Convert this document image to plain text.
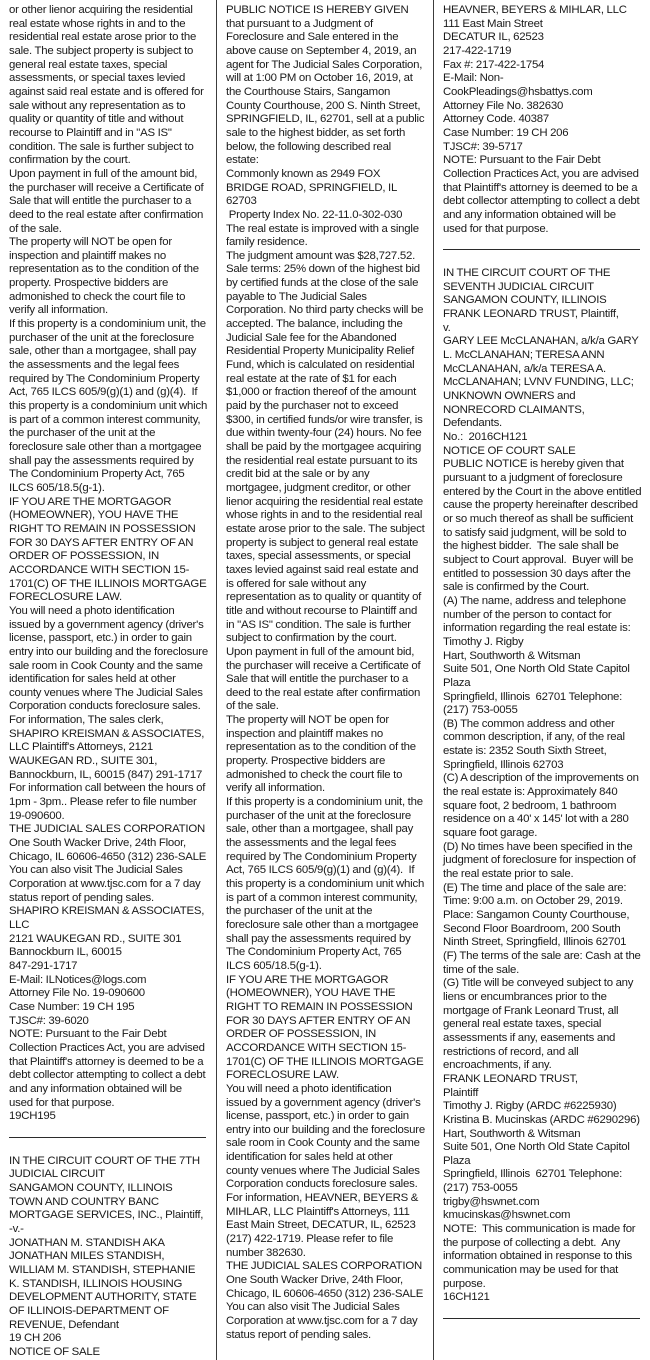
or other lienor acquiring the residential real estate whose rights in and to the residential real estate arose prior to the sale. The subject property is subject to general real estate taxes, special assessments, or special taxes levied against said real estate and is offered for sale without any representation as to quality or quantity of title and without recourse to Plaintiff and in "AS IS" condition. The sale is further subject to confirmation by the court.
Upon payment in full of the amount bid, the purchaser will receive a Certificate of Sale that will entitle the purchaser to a deed to the real estate after confirmation of the sale.
The property will NOT be open for inspection and plaintiff makes no representation as to the condition of the property. Prospective bidders are admonished to check the court file to verify all information.
If this property is a condominium unit, the purchaser of the unit at the foreclosure sale, other than a mortgagee, shall pay the assessments and the legal fees required by The Condominium Property Act, 765 ILCS 605/9(g)(1) and (g)(4).  If this property is a condominium unit which is part of a common interest community, the purchaser of the unit at the foreclosure sale other than a mortgagee shall pay the assessments required by The Condominium Property Act, 765 ILCS 605/18.5(g-1).
IF YOU ARE THE MORTGAGOR (HOMEOWNER), YOU HAVE THE RIGHT TO REMAIN IN POSSESSION FOR 30 DAYS AFTER ENTRY OF AN ORDER OF POSSESSION, IN ACCORDANCE WITH SECTION 15-1701(C) OF THE ILLINOIS MORTGAGE FORECLOSURE LAW.
You will need a photo identification issued by a government agency (driver's license, passport, etc.) in order to gain entry into our building and the foreclosure sale room in Cook County and the same identification for sales held at other county venues where The Judicial Sales Corporation conducts foreclosure sales.
For information, The sales clerk, SHAPIRO KREISMAN & ASSOCIATES, LLC Plaintiff's Attorneys, 2121 WAUKEGAN RD., SUITE 301, Bannockburn, IL, 60015 (847) 291-1717 For information call between the hours of 1pm - 3pm.. Please refer to file number 19-090600.
THE JUDICIAL SALES CORPORATION
One South Wacker Drive, 24th Floor, Chicago, IL 60606-4650 (312) 236-SALE
You can also visit The Judicial Sales Corporation at www.tjsc.com for a 7 day status report of pending sales.
SHAPIRO KREISMAN & ASSOCIATES, LLC
2121 WAUKEGAN RD., SUITE 301
Bannockburn IL, 60015
847-291-1717
E-Mail: ILNotices@logs.com
Attorney File No. 19-090600
Case Number: 19 CH 195
TJSC#: 39-6020
NOTE: Pursuant to the Fair Debt Collection Practices Act, you are advised that Plaintiff's attorney is deemed to be a debt collector attempting to collect a debt and any information obtained will be used for that purpose.
19CH195
IN THE CIRCUIT COURT OF THE 7TH JUDICIAL CIRCUIT
SANGAMON COUNTY, ILLINOIS
TOWN AND COUNTRY BANC MORTGAGE SERVICES, INC., Plaintiff,
-v.-
JONATHAN M. STANDISH AKA JONATHAN MILES STANDISH, WILLIAM M. STANDISH, STEPHANIE K. STANDISH, ILLINOIS HOUSING DEVELOPMENT AUTHORITY, STATE OF ILLINOIS-DEPARTMENT OF REVENUE, Defendant
19 CH 206
NOTICE OF SALE
PUBLIC NOTICE IS HEREBY GIVEN that pursuant to a Judgment of Foreclosure and Sale entered in the above cause on September 4, 2019, an agent for The Judicial Sales Corporation, will at 1:00 PM on October 16, 2019, at the Courthouse Stairs, Sangamon County Courthouse, 200 S. Ninth Street, SPRINGFIELD, IL, 62701, sell at a public sale to the highest bidder, as set forth below, the following described real estate:
Commonly known as 2949 FOX BRIDGE ROAD, SPRINGFIELD, IL 62703
Property Index No. 22-11.0-302-030
The real estate is improved with a single family residence.
The judgment amount was $28,727.52.
Sale terms: 25% down of the highest bid by certified funds at the close of the sale payable to The Judicial Sales Corporation. No third party checks will be accepted. The balance, including the Judicial Sale fee for the Abandoned Residential Property Municipality Relief Fund, which is calculated on residential real estate at the rate of $1 for each $1,000 or fraction thereof of the amount paid by the purchaser not to exceed $300, in certified funds/or wire transfer, is due within twenty-four (24) hours. No fee shall be paid by the mortgagee acquiring the residential real estate pursuant to its credit bid at the sale or by any mortgagee, judgment creditor, or other lienor acquiring the residential real estate whose rights in and to the residential real estate arose prior to the sale. The subject property is subject to general real estate taxes, special assessments, or special taxes levied against said real estate and is offered for sale without any representation as to quality or quantity of title and without recourse to Plaintiff and in "AS IS" condition. The sale is further subject to confirmation by the court.
Upon payment in full of the amount bid, the purchaser will receive a Certificate of Sale that will entitle the purchaser to a deed to the real estate after confirmation of the sale.
The property will NOT be open for inspection and plaintiff makes no representation as to the condition of the property. Prospective bidders are admonished to check the court file to verify all information.
If this property is a condominium unit, the purchaser of the unit at the foreclosure sale, other than a mortgagee, shall pay the assessments and the legal fees required by The Condominium Property Act, 765 ILCS 605/9(g)(1) and (g)(4).  If this property is a condominium unit which is part of a common interest community, the purchaser of the unit at the foreclosure sale other than a mortgagee shall pay the assessments required by The Condominium Property Act, 765 ILCS 605/18.5(g-1).
IF YOU ARE THE MORTGAGOR (HOMEOWNER), YOU HAVE THE RIGHT TO REMAIN IN POSSESSION FOR 30 DAYS AFTER ENTRY OF AN ORDER OF POSSESSION, IN ACCORDANCE WITH SECTION 15-1701(C) OF THE ILLINOIS MORTGAGE FORECLOSURE LAW.
You will need a photo identification issued by a government agency (driver's license, passport, etc.) in order to gain entry into our building and the foreclosure sale room in Cook County and the same identification for sales held at other county venues where The Judicial Sales Corporation conducts foreclosure sales.
For information, HEAVNER, BEYERS & MIHLAR, LLC Plaintiff's Attorneys, 111 East Main Street, DECATUR, IL, 62523 (217) 422-1719. Please refer to file number 382630.
THE JUDICIAL SALES CORPORATION
One South Wacker Drive, 24th Floor, Chicago, IL 60606-4650 (312) 236-SALE
You can also visit The Judicial Sales Corporation at www.tjsc.com for a 7 day status report of pending sales.
HEAVNER, BEYERS & MIHLAR, LLC
111 East Main Street
DECATUR IL, 62523
217-422-1719
Fax #: 217-422-1754
E-Mail: Non-CookPleadings@hsbattys.com
Attorney File No. 382630
Attorney Code. 40387
Case Number: 19 CH 206
TJSC#: 39-5717
NOTE: Pursuant to the Fair Debt Collection Practices Act, you are advised that Plaintiff's attorney is deemed to be a debt collector attempting to collect a debt and any information obtained will be used for that purpose.
IN THE CIRCUIT COURT OF THE SEVENTH JUDICIAL CIRCUIT
SANGAMON COUNTY, ILLINOIS
FRANK LEONARD TRUST, Plaintiff,
v.
GARY LEE McCLANAHAN, a/k/a GARY L. McCLANAHAN; TERESA ANN McCLANAHAN, a/k/a TERESA A. McCLANAHAN; LVNV FUNDING, LLC; UNKNOWN OWNERS and NONRECORD CLAIMANTS, Defendants.
No.:  2016CH121
NOTICE OF COURT SALE
PUBLIC NOTICE is hereby given that pursuant to a judgment of foreclosure entered by the Court in the above entitled cause the property hereinafter described or so much thereof as shall be sufficient to satisfy said judgment, will be sold to the highest bidder.  The sale shall be subject to Court approval.  Buyer will be entitled to possession 30 days after the sale is confirmed by the Court.
(A) The name, address and telephone number of the person to contact for information regarding the real estate is:
Timothy J. Rigby
Hart, Southworth & Witsman
Suite 501, One North Old State Capitol Plaza
Springfield, Illinois  62701 Telephone: (217) 753-0055
(B) The common address and other common description, if any, of the real estate is: 2352 South Sixth Street, Springfield, Illinois 62703
(C) A description of the improvements on the real estate is: Approximately 840 square foot, 2 bedroom, 1 bathroom residence on a 40' x 145' lot with a 280 square foot garage.
(D) No times have been specified in the judgment of foreclosure for inspection of the real estate prior to sale.
(E) The time and place of the sale are:
Time: 9:00 a.m. on October 29, 2019.
Place: Sangamon County Courthouse, Second Floor Boardroom, 200 South Ninth Street, Springfield, Illinois 62701
(F) The terms of the sale are: Cash at the time of the sale.
(G) Title will be conveyed subject to any liens or encumbrances prior to the mortgage of Frank Leonard Trust, all general real estate taxes, special assessments if any, easements and restrictions of record, and all encroachments, if any.
FRANK LEONARD TRUST,
Plaintiff
Timothy J. Rigby (ARDC #6225930)
Kristina B. Mucinskas (ARDC #6290296)
Hart, Southworth & Witsman
Suite 501, One North Old State Capitol Plaza
Springfield, Illinois  62701 Telephone: (217) 753-0055
trigby@hswnet.com  kmucinskas@hswnet.com
NOTE:  This communication is made for the purpose of collecting a debt.  Any information obtained in response to this communication may be used for that purpose.
16CH121
